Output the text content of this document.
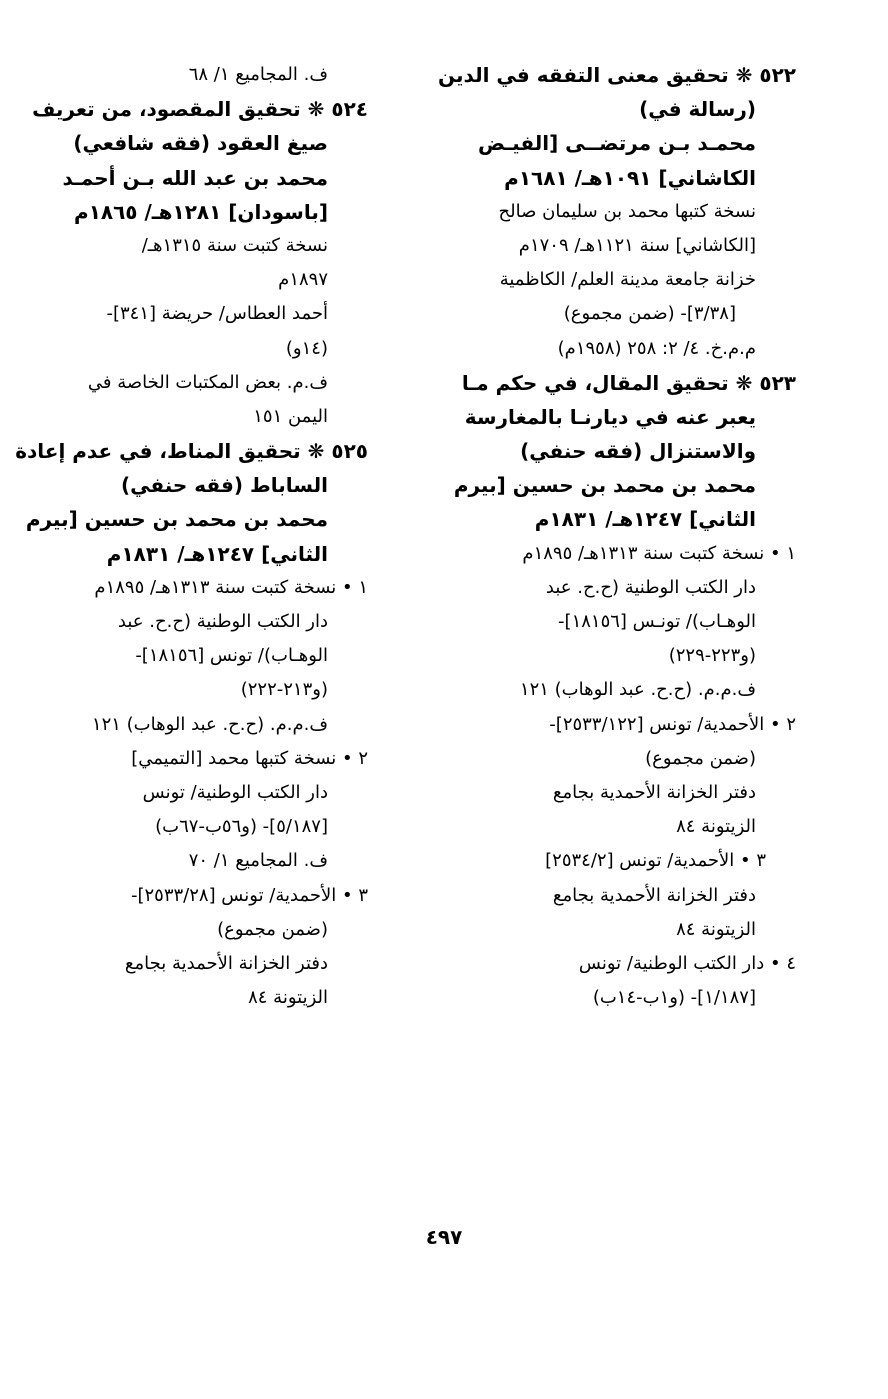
٥٢٢ ❋ تحقيق معنى التفقه في الدين
(رسالة في)
محمـد بـن مرتضــى [الفيـض
الكاشاني] ١٠٩١هـ/ ١٦٨١م
نسخة كتبها محمد بن سليمان صالح
[الكاشاني] سنة ١١٢١هـ/ ١٧٠٩م
خزانة جامعة مدينة العلم/ الكاظمية
[٣/٣٨]- (ضمن مجموع)
م.م.خ. ٤/ ٢: ٢٥٨ (١٩٥٨م)
٥٢٣ ❋ تحقيق المقال، في حكم مـا
يعبر عنه في ديارنـا بالمغارسة
والاستنزال (فقه حنفي)
محمد بن محمد بن حسين [بيرم
الثاني] ١٢٤٧هـ/ ١٨٣١م
١ • نسخة كتبت سنة ١٣١٣هـ/ ١٨٩٥م
دار الكتب الوطنية (ح.ح. عبد
الوهـاب)/ تونـس [١٨١٥٦]-
(و٢٢٣-٢٢٩)
ف.م.م. (ح.ح. عبد الوهاب) ١٢١
٢ • الأحمدية/ تونس [٢٥٣٣/١٢٢]-
(ضمن مجموع)
دفتر الخزانة الأحمدية بجامع
الزيتونة ٨٤
٣ • الأحمدية/ تونس [٢٥٣٤/٢]
دفتر الخزانة الأحمدية بجامع
الزيتونة ٨٤
٤ • دار الكتب الوطنية/ تونس
[١/١٨٧]- (و١ب-١٤ب)
ف. المجاميع ١/ ٦٨
٥٢٤ ❋ تحقيق المقصود، من تعريف
صيغ العقود (فقه شافعي)
محمد بن عبد الله بـن أحمـد
[باسودان] ١٢٨١هـ/ ١٨٦٥م
نسخة كتبت سنة ١٣١٥هـ/
١٨٩٧م
أحمد العطاس/ حريضة [٣٤١]-
(١٤و)
ف.م. بعض المكتبات الخاصة في
اليمن ١٥١
٥٢٥ ❋ تحقيق المناط، في عدم إعادة
الساباط (فقه حنفي)
محمد بن محمد بن حسين [بيرم
الثاني] ١٢٤٧هـ/ ١٨٣١م
١ • نسخة كتبت سنة ١٣١٣هـ/ ١٨٩٥م
دار الكتب الوطنية (ح.ح. عبد
الوهـاب)/ تونس [١٨١٥٦]-
(و٢١٣-٢٢٢)
ف.م.م. (ح.ح. عبد الوهاب) ١٢١
٢ • نسخة كتبها محمد [التميمي]
دار الكتب الوطنية/ تونس
[٥/١٨٧]- (و٥٦ب-٦٧ب)
ف. المجاميع ١/ ٧٠
٣ • الأحمدية/ تونس [٢٥٣٣/٢٨]-
(ضمن مجموع)
دفتر الخزانة الأحمدية بجامع
الزيتونة ٨٤
٤٩٧
